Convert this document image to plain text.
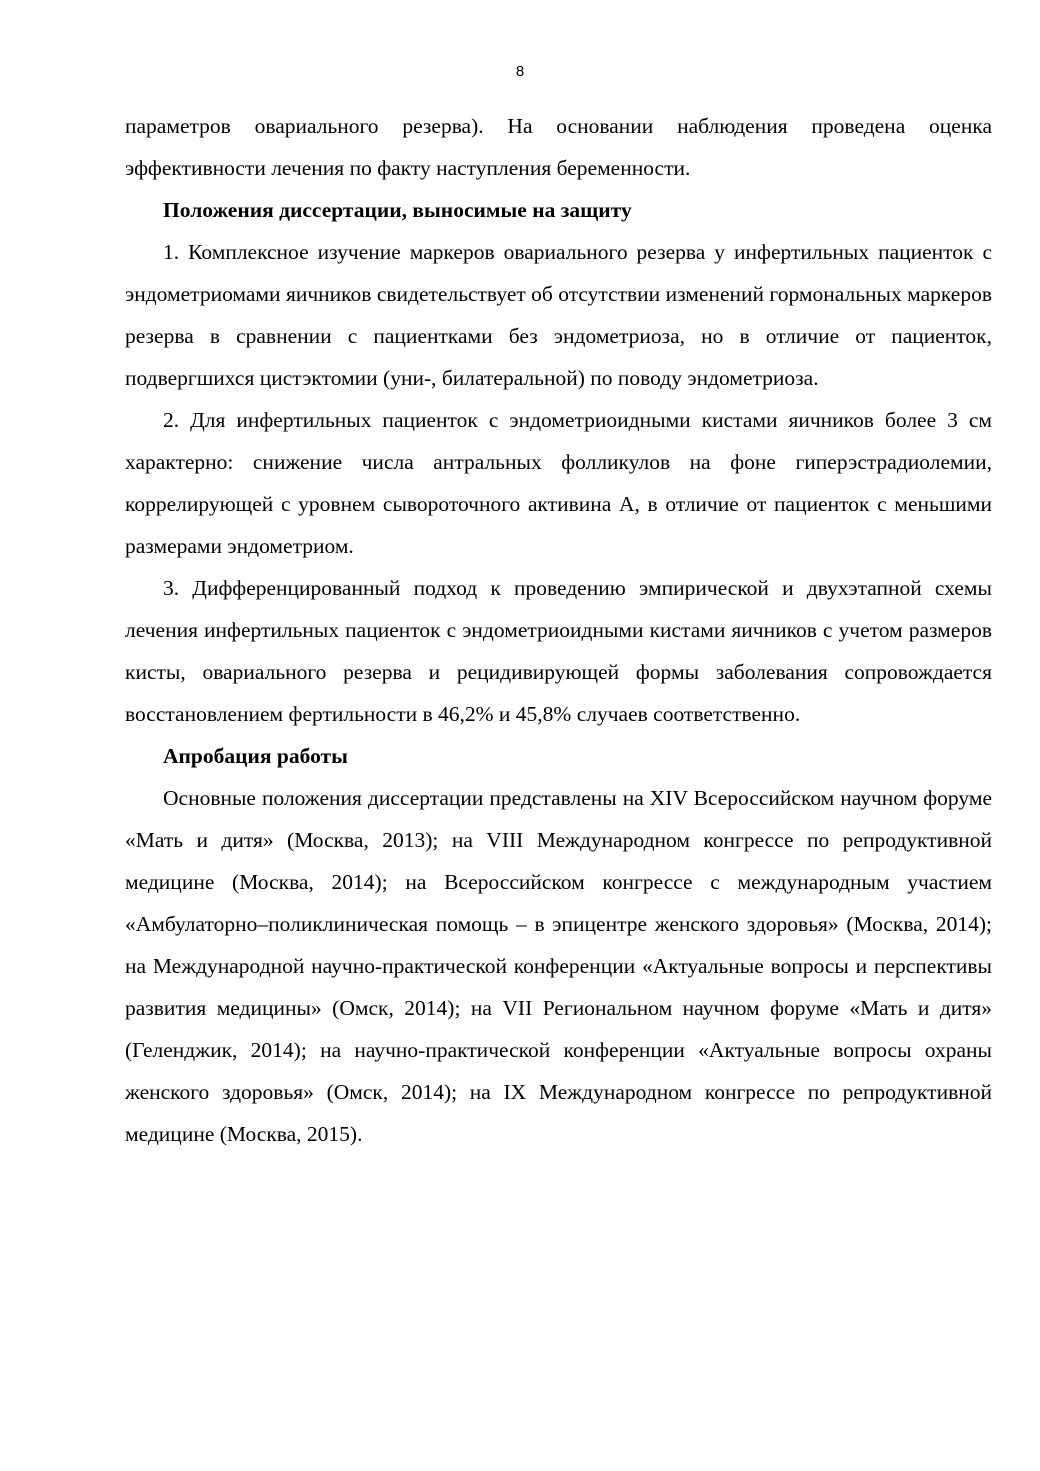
8

параметров овариального резерва). На основании наблюдения проведена оценка эффективности лечения по факту наступления беременности.

Положения диссертации, выносимые на защиту

1. Комплексное изучение маркеров овариального резерва у инфертильных пациенток с эндометриомами яичников свидетельствует об отсутствии изменений гормональных маркеров резерва в сравнении с пациентками без эндометриоза, но в отличие от пациенток, подвергшихся цистэктомии (уни-, билатеральной) по поводу эндометриоза.

2. Для инфертильных пациенток с эндометриоидными кистами яичников более 3 см характерно: снижение числа антральных фолликулов на фоне гиперэстрадиолемии, коррелирующей с уровнем сывороточного активина А, в отличие от пациенток с меньшими размерами эндометриом.

3. Дифференцированный подход к проведению эмпирической и двухэтапной схемы лечения инфертильных пациенток с эндометриоидными кистами яичников с учетом размеров кисты, овариального резерва и рецидивирующей формы заболевания сопровождается восстановлением фертильности в 46,2% и 45,8% случаев соответственно.

Апробация работы

Основные положения диссертации представлены на XIV Всероссийском научном форуме «Мать и дитя» (Москва, 2013); на VIII Международном конгрессе по репродуктивной медицине (Москва, 2014); на Всероссийском конгрессе с международным участием «Амбулаторно–поликлиническая помощь – в эпицентре женского здоровья» (Москва, 2014); на Международной научно-практической конференции «Актуальные вопросы и перспективы развития медицины» (Омск, 2014); на VII Региональном научном форуме «Мать и дитя» (Геленджик, 2014); на научно-практической конференции «Актуальные вопросы охраны женского здоровья» (Омск, 2014); на IX Международном конгрессе по репродуктивной медицине (Москва, 2015).
